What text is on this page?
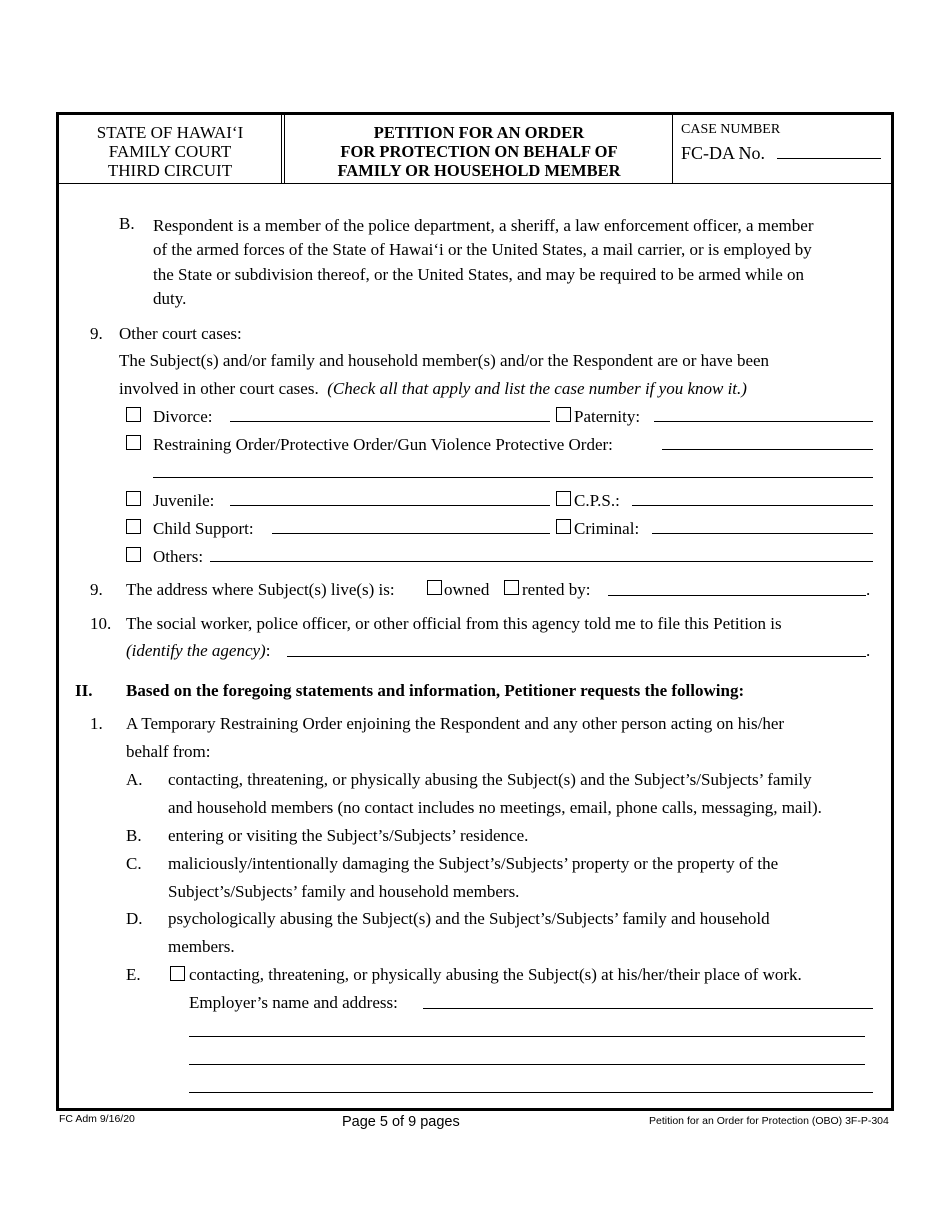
STATE OF HAWAI‘I
FAMILY COURT
THIRD CIRCUIT
PETITION FOR AN ORDER
FOR PROTECTION ON BEHALF OF
FAMILY OR HOUSEHOLD MEMBER
CASE NUMBER
FC-DA No.
B. Respondent is a member of the police department, a sheriff, a law enforcement officer, a member
of the armed forces of the State of Hawai‘i or the United States, a mail carrier, or is employed by
the State or subdivision thereof, or the United States, and may be required to be armed while on
duty.
9. Other court cases:
The Subject(s) and/or family and household member(s) and/or the Respondent are or have been
involved in other court cases. (Check all that apply and list the case number if you know it.)
Divorce:	Paternity:
Restraining Order/Protective Order/Gun Violence Protective Order:
Juvenile:	C.P.S.:
Child Support:	Criminal:
Others:
9. The address where Subject(s) live(s) is:	owned rented by:	.
10. The social worker, police officer, or other official from this agency told me to file this Petition is
(identify the agency):	.
II. Based on the foregoing statements and information, Petitioner requests the following:
1. A Temporary Restraining Order enjoining the Respondent and any other person acting on his/her
behalf from:
A. contacting, threatening, or physically abusing the Subject(s) and the Subject’s/Subjects’ family
and household members (no contact includes no meetings, email, phone calls, messaging, mail).
B. entering or visiting the Subject’s/Subjects’ residence.
C. maliciously/intentionally damaging the Subject’s/Subjects’ property or the property of the
Subject’s/Subjects’ family and household members.
D. psychologically abusing the Subject(s) and the Subject’s/Subjects’ family and household
members.
E.	contacting, threatening, or physically abusing the Subject(s) at his/her/their place of work.
Employer’s name and address:
FC Adm 9/16/20	Page 5 of 9 pages	Petition for an Order for Protection (OBO) 3F-P-304
